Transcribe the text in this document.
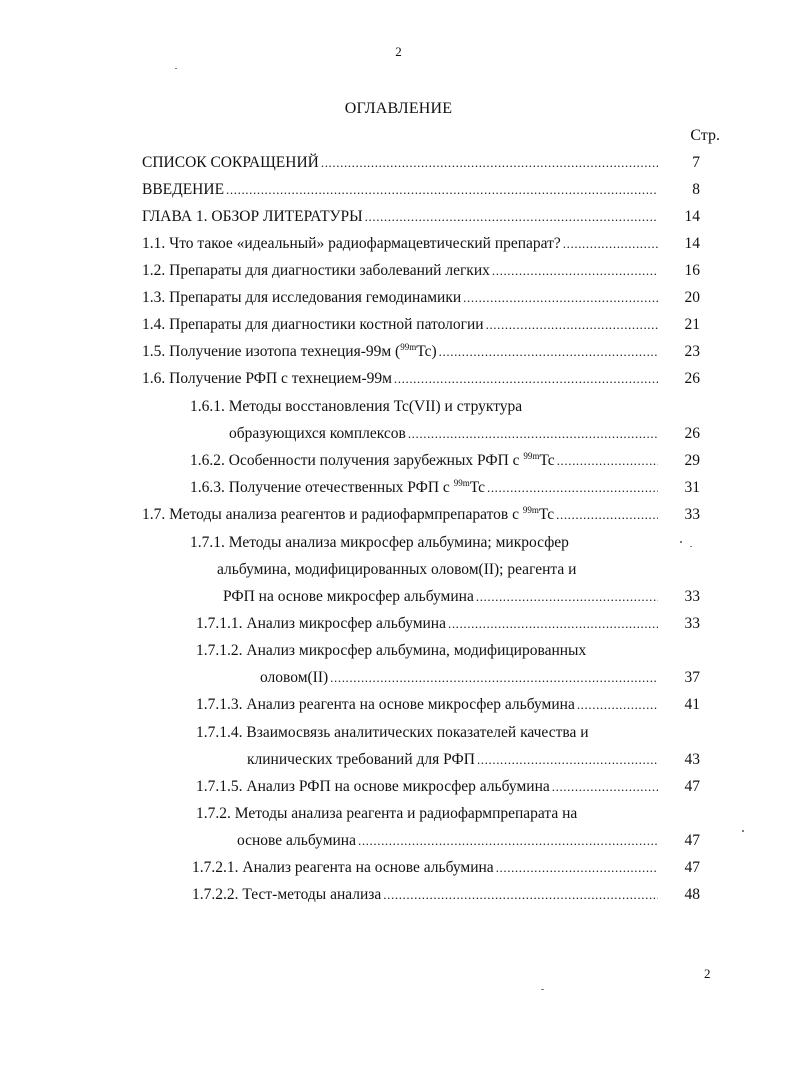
2
ОГЛАВЛЕНИЕ
Стр.
СПИСОК СОКРАЩЕНИЙ .....	7
ВВЕДЕНИЕ .....	8
ГЛАВА 1. ОБЗОР ЛИТЕРАТУРЫ .....	14
1.1. Что такое «идеальный» радиофармацевтический препарат? .....	14
1.2. Препараты для диагностики заболеваний легких .....	16
1.3. Препараты для исследования гемодинамики .....	20
1.4. Препараты для диагностики костной патологии .....	21
1.5. Получение изотопа технеция-99м ($^{99m}$Tc) .....	23
1.6. Получение РФП с технецием-99м .....	26
1.6.1. Методы восстановления Tc(VII) и структура
образующихся комплексов .....	26
1.6.2. Особенности получения зарубежных РФП с $^{99m}$Tc .....	29
1.6.3. Получение отечественных РФП с $^{99m}$Tc .....	31
1.7. Методы анализа реагентов и радиофармпрепаратов с $^{99m}$Tc .....	33
1.7.1. Методы анализа микросфер альбумина; микросфер
альбумина, модифицированных оловом(II); реагента и
РФП на основе микросфер альбумина .....	33
1.7.1.1. Анализ микросфер альбумина .....	33
1.7.1.2. Анализ микросфер альбумина, модифицированных
оловом(II) .....	37
1.7.1.3. Анализ реагента на основе микросфер альбумина .....	41
1.7.1.4. Взаимосвязь аналитических показателей качества и
клинических требований для РФП .....	43
1.7.1.5. Анализ РФП на основе микросфер альбумина .....	47
1.7.2. Методы анализа реагента и радиофармпрепарата на
основе альбумина .....	47
1.7.2.1. Анализ реагента на основе альбумина .....	47
1.7.2.2. Тест-методы анализа .....	48
2
